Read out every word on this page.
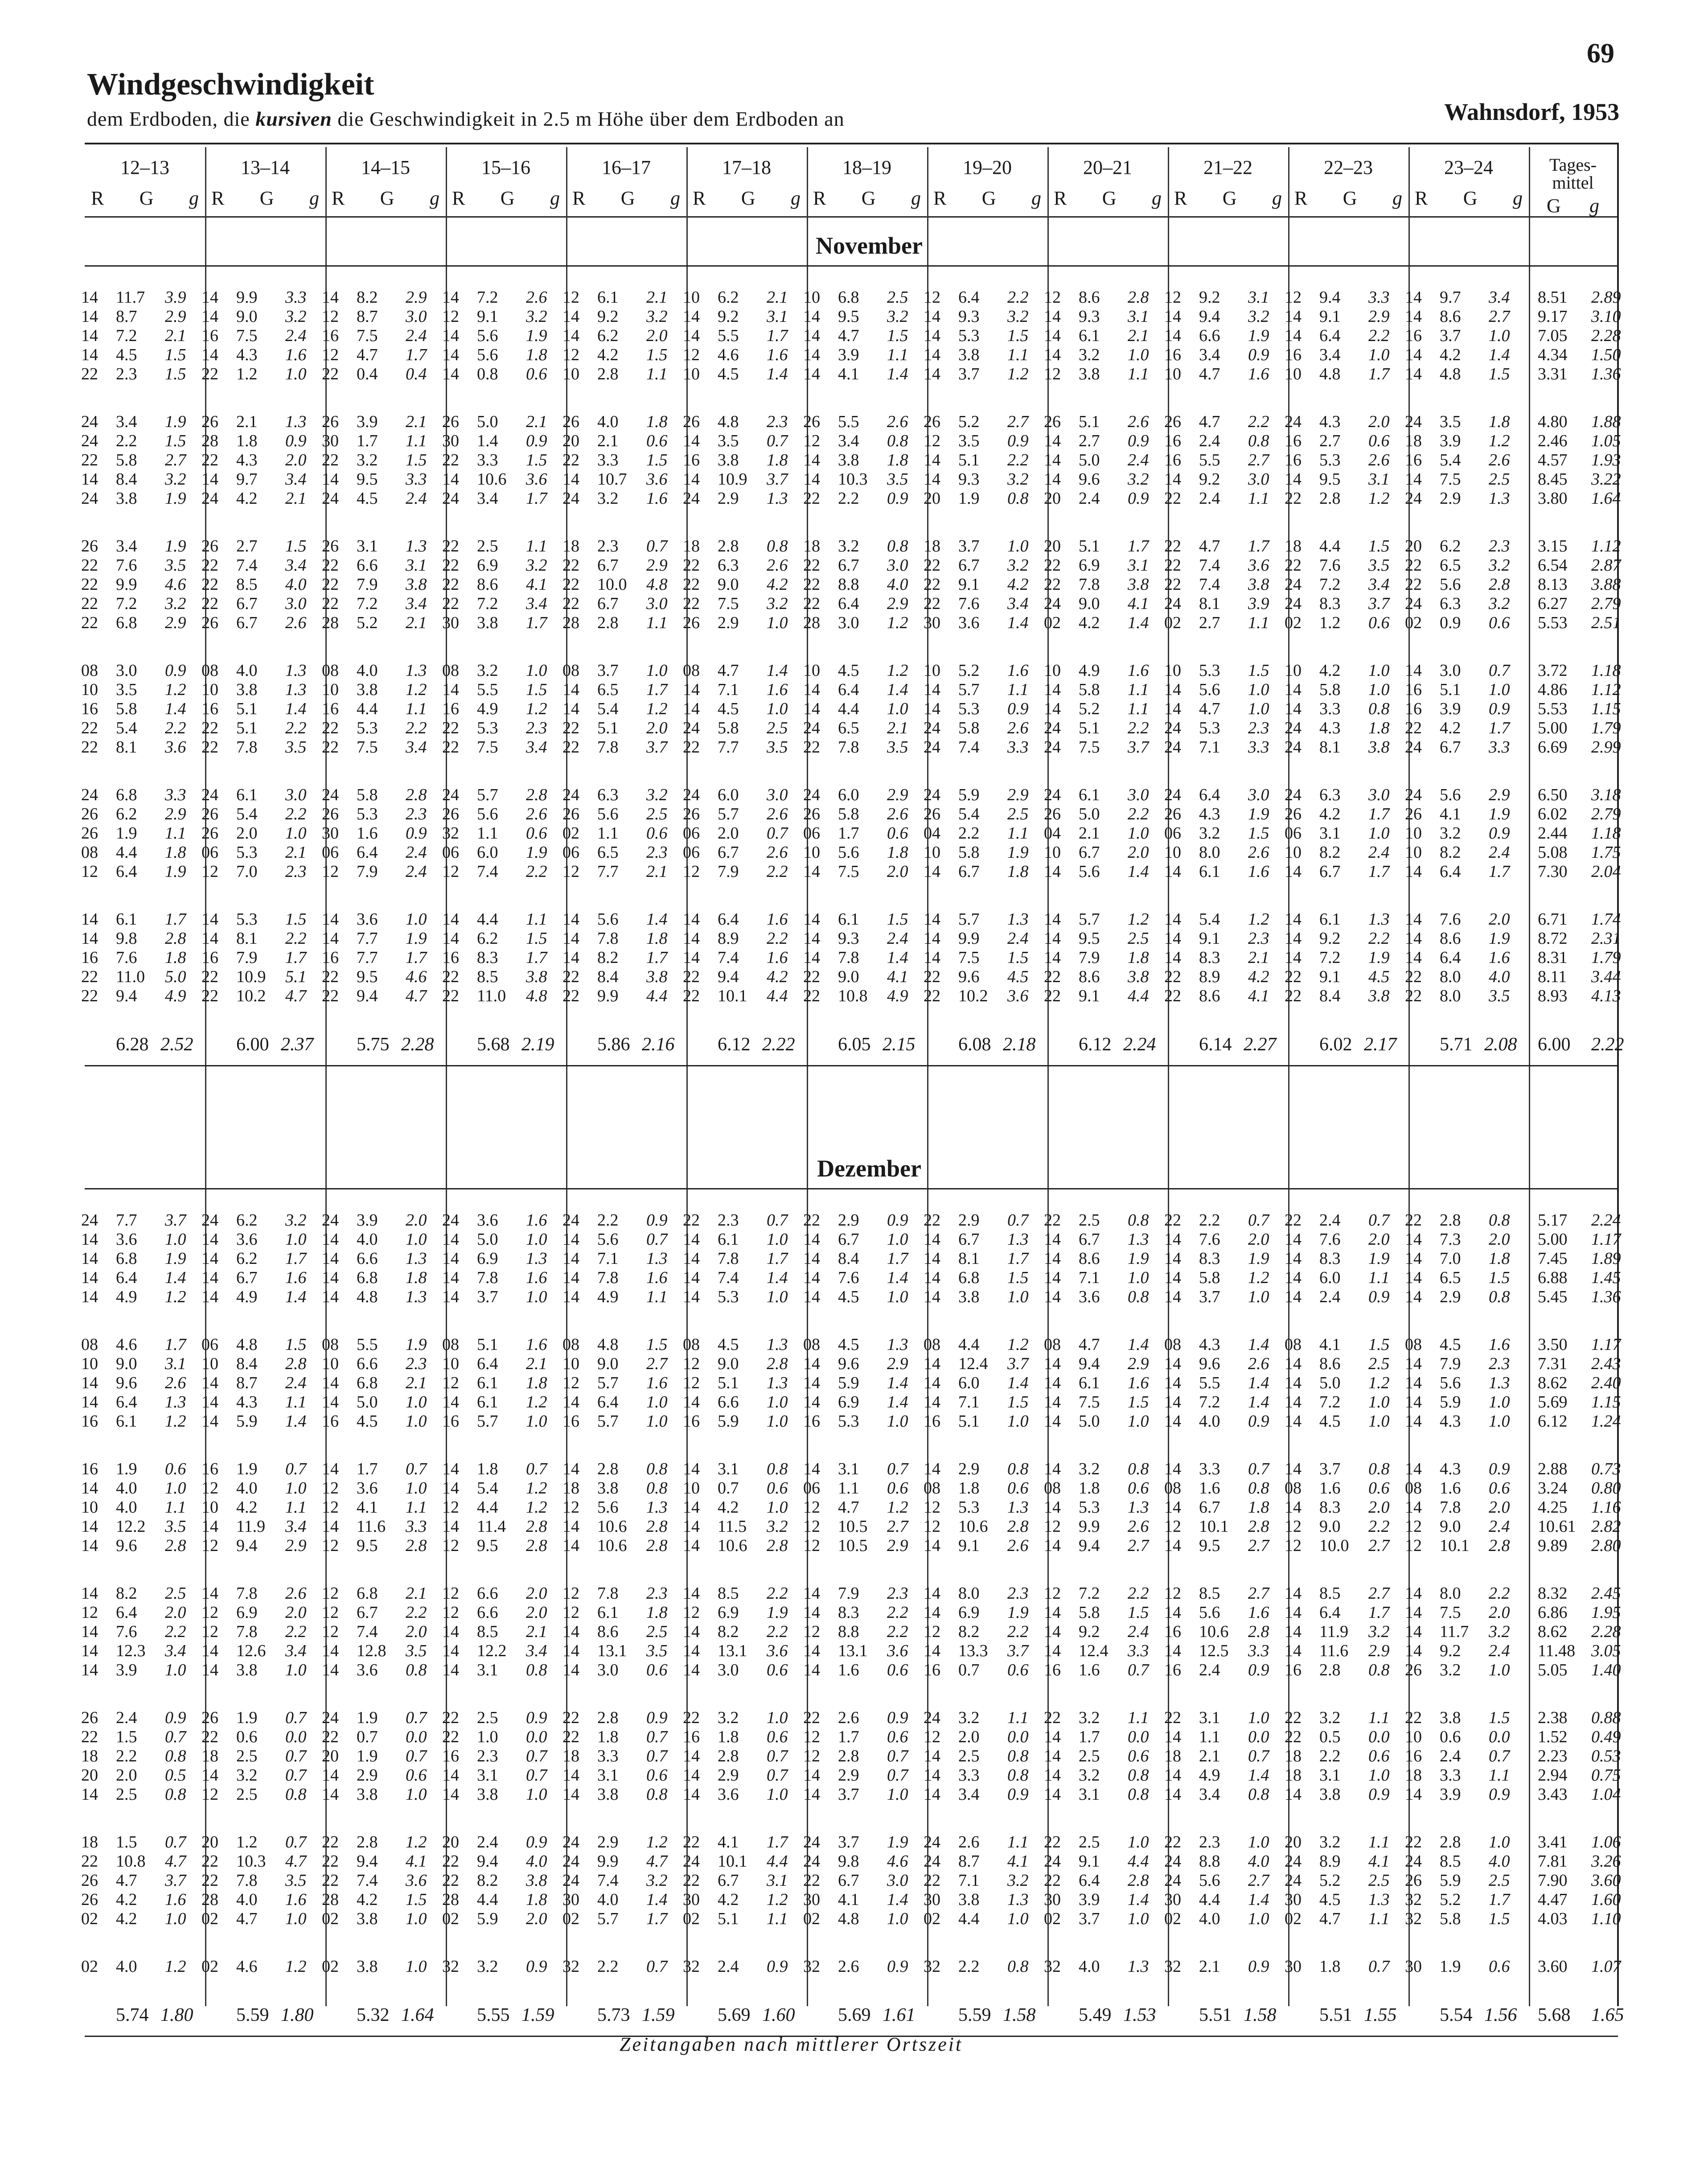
69
Windgeschwindigkeit
dem Erdboden, die kursiven die Geschwindigkeit in 2.5 m Höhe über dem Erdboden an	Wahnsdorf, 1953
12–13
R G g
13–14
R G g
14–15
R G g
15–16
R G g
16–17
R G g
17–18
R G g
18–19
R G g
19–20
R G g
20–21
R G g
21–22
R G g
22–23
R G g
23–24
R G g
Tages-mittel
G g
November
14 11.7 3.9 14 9.9 3.3 14 8.2 2.9 14 7.2 2.6 12 6.1 2.1 10 6.2 2.1 10 6.8 2.5 12 6.4 2.2 12 8.6 2.8 12 9.2 3.1 12 9.4 3.3 14 9.7 3.4 8.51 2.89
14 8.7 2.9 14 9.0 3.2 12 8.7 3.0 12 9.1 3.2 14 9.2 3.2 14 9.2 3.1 14 9.5 3.2 14 9.3 3.2 14 9.3 3.1 14 9.4 3.2 14 9.1 2.9 14 8.6 2.7 9.17 3.10
14 7.2 2.1 16 7.5 2.4 16 7.5 2.4 14 5.6 1.9 14 6.2 2.0 14 5.5 1.7 14 4.7 1.5 14 5.3 1.5 14 6.1 2.1 14 6.6 1.9 14 6.4 2.2 16 3.7 1.0 7.05 2.28
14 4.5 1.5 14 4.3 1.6 12 4.7 1.7 14 5.6 1.8 12 4.2 1.5 12 4.6 1.6 14 3.9 1.1 14 3.8 1.1 14 3.2 1.0 16 3.4 0.9 16 3.4 1.0 14 4.2 1.4 4.34 1.50
22 2.3 1.5 22 1.2 1.0 22 0.4 0.4 14 0.8 0.6 10 2.8 1.1 10 4.5 1.4 14 4.1 1.4 14 3.7 1.2 12 3.8 1.1 10 4.7 1.6 10 4.8 1.7 14 4.8 1.5 3.31 1.36
24 3.4 1.9 26 2.1 1.3 26 3.9 2.1 26 5.0 2.1 26 4.0 1.8 26 4.8 2.3 26 5.5 2.6 26 5.2 2.7 26 5.1 2.6 26 4.7 2.2 24 4.3 2.0 24 3.5 1.8 4.80 1.88
24 2.2 1.5 28 1.8 0.9 30 1.7 1.1 30 1.4 0.9 20 2.1 0.6 14 3.5 0.7 12 3.4 0.8 12 3.5 0.9 14 2.7 0.9 16 2.4 0.8 16 2.7 0.6 18 3.9 1.2 2.46 1.05
22 5.8 2.7 22 4.3 2.0 22 3.2 1.5 22 3.3 1.5 22 3.3 1.5 16 3.8 1.8 14 3.8 1.8 14 5.1 2.2 14 5.0 2.4 16 5.5 2.7 16 5.3 2.6 16 5.4 2.6 4.57 1.93
14 8.4 3.2 14 9.7 3.4 14 9.5 3.3 14 10.6 3.6 14 10.7 3.6 14 10.9 3.7 14 10.3 3.5 14 9.3 3.2 14 9.6 3.2 14 9.2 3.0 14 9.5 3.1 14 7.5 2.5 8.45 3.22
24 3.8 1.9 24 4.2 2.1 24 4.5 2.4 24 3.4 1.7 24 3.2 1.6 24 2.9 1.3 22 2.2 0.9 20 1.9 0.8 20 2.4 0.9 22 2.4 1.1 22 2.8 1.2 24 2.9 1.3 3.80 1.64
26 3.4 1.9 26 2.7 1.5 26 3.1 1.3 22 2.5 1.1 18 2.3 0.7 18 2.8 0.8 18 3.2 0.8 18 3.7 1.0 20 5.1 1.7 22 4.7 1.7 18 4.4 1.5 20 6.2 2.3 3.15 1.12
22 7.6 3.5 22 7.4 3.4 22 6.6 3.1 22 6.9 3.2 22 6.7 2.9 22 6.3 2.6 22 6.7 3.0 22 6.7 3.2 22 6.9 3.1 22 7.4 3.6 22 7.6 3.5 22 6.5 3.2 6.54 2.87
22 9.9 4.6 22 8.5 4.0 22 7.9 3.8 22 8.6 4.1 22 10.0 4.8 22 9.0 4.2 22 8.8 4.0 22 9.1 4.2 22 7.8 3.8 22 7.4 3.8 24 7.2 3.4 22 5.6 2.8 8.13 3.88
22 7.2 3.2 22 6.7 3.0 22 7.2 3.4 22 7.2 3.4 22 6.7 3.0 22 7.5 3.2 22 6.4 2.9 22 7.6 3.4 24 9.0 4.1 24 8.1 3.9 24 8.3 3.7 24 6.3 3.2 6.27 2.79
22 6.8 2.9 26 6.7 2.6 28 5.2 2.1 30 3.8 1.7 28 2.8 1.1 26 2.9 1.0 28 3.0 1.2 30 3.6 1.4 02 4.2 1.4 02 2.7 1.1 02 1.2 0.6 02 0.9 0.6 5.53 2.51
08 3.0 0.9 08 4.0 1.3 08 4.0 1.3 08 3.2 1.0 08 3.7 1.0 08 4.7 1.4 10 4.5 1.2 10 5.2 1.6 10 4.9 1.6 10 5.3 1.5 10 4.2 1.0 14 3.0 0.7 3.72 1.18
10 3.5 1.2 10 3.8 1.3 10 3.8 1.2 14 5.5 1.5 14 6.5 1.7 14 7.1 1.6 14 6.4 1.4 14 5.7 1.1 14 5.8 1.1 14 5.6 1.0 14 5.8 1.0 16 5.1 1.0 4.86 1.12
16 5.8 1.4 16 5.1 1.4 16 4.4 1.1 16 4.9 1.2 14 5.4 1.2 14 4.5 1.0 14 4.4 1.0 14 5.3 0.9 14 5.2 1.1 14 4.7 1.0 14 3.3 0.8 16 3.9 0.9 5.53 1.15
22 5.4 2.2 22 5.1 2.2 22 5.3 2.2 22 5.3 2.3 22 5.1 2.0 24 5.8 2.5 24 6.5 2.1 24 5.8 2.6 24 5.1 2.2 24 5.3 2.3 24 4.3 1.8 22 4.2 1.7 5.00 1.79
22 8.1 3.6 22 7.8 3.5 22 7.5 3.4 22 7.5 3.4 22 7.8 3.7 22 7.7 3.5 22 7.8 3.5 24 7.4 3.3 24 7.5 3.7 24 7.1 3.3 24 8.1 3.8 24 6.7 3.3 6.69 2.99
24 6.8 3.3 24 6.1 3.0 24 5.8 2.8 24 5.7 2.8 24 6.3 3.2 24 6.0 3.0 24 6.0 2.9 24 5.9 2.9 24 6.1 3.0 24 6.4 3.0 24 6.3 3.0 24 5.6 2.9 6.50 3.18
26 6.2 2.9 26 5.4 2.2 26 5.3 2.3 26 5.6 2.6 26 5.6 2.5 26 5.7 2.6 26 5.8 2.6 26 5.4 2.5 26 5.0 2.2 26 4.3 1.9 26 4.2 1.7 26 4.1 1.9 6.02 2.79
26 1.9 1.1 26 2.0 1.0 30 1.6 0.9 32 1.1 0.6 02 1.1 0.6 06 2.0 0.7 06 1.7 0.6 04 2.2 1.1 04 2.1 1.0 06 3.2 1.5 06 3.1 1.0 10 3.2 0.9 2.44 1.18
08 4.4 1.8 06 5.3 2.1 06 6.4 2.4 06 6.0 1.9 06 6.5 2.3 06 6.7 2.6 10 5.6 1.8 10 5.8 1.9 10 6.7 2.0 10 8.0 2.6 10 8.2 2.4 10 8.2 2.4 5.08 1.75
12 6.4 1.9 12 7.0 2.3 12 7.9 2.4 12 7.4 2.2 12 7.7 2.1 12 7.9 2.2 14 7.5 2.0 14 6.7 1.8 14 5.6 1.4 14 6.1 1.6 14 6.7 1.7 14 6.4 1.7 7.30 2.04
14 6.1 1.7 14 5.3 1.5 14 3.6 1.0 14 4.4 1.1 14 5.6 1.4 14 6.4 1.6 14 6.1 1.5 14 5.7 1.3 14 5.7 1.2 14 5.4 1.2 14 6.1 1.3 14 7.6 2.0 6.71 1.74
14 9.8 2.8 14 8.1 2.2 14 7.7 1.9 14 6.2 1.5 14 7.8 1.8 14 8.9 2.2 14 9.3 2.4 14 9.9 2.4 14 9.5 2.5 14 9.1 2.3 14 9.2 2.2 14 8.6 1.9 8.72 2.31
16 7.6 1.8 16 7.9 1.7 16 7.7 1.7 16 8.3 1.7 14 8.2 1.7 14 7.4 1.6 14 7.8 1.4 14 7.5 1.5 14 7.9 1.8 14 8.3 2.1 14 7.2 1.9 14 6.4 1.6 8.31 1.79
22 11.0 5.0 22 10.9 5.1 22 9.5 4.6 22 8.5 3.8 22 8.4 3.8 22 9.4 4.2 22 9.0 4.1 22 9.6 4.5 22 8.6 3.8 22 8.9 4.2 22 9.1 4.5 22 8.0 4.0 8.11 3.44
22 9.4 4.9 22 10.2 4.7 22 9.4 4.7 22 11.0 4.8 22 9.9 4.4 22 10.1 4.4 22 10.8 4.9 22 10.2 3.6 22 9.1 4.4 22 8.6 4.1 22 8.4 3.8 22 8.0 3.5 8.93 4.13
6.28 2.52 6.00 2.37 5.75 2.28 5.68 2.19 5.86 2.16 6.12 2.22 6.05 2.15 6.08 2.18 6.12 2.24 6.14 2.27 6.02 2.17 5.71 2.08 6.00 2.22
Dezember
24 7.7 3.7 24 6.2 3.2 24 3.9 2.0 24 3.6 1.6 24 2.2 0.9 22 2.3 0.7 22 2.9 0.9 22 2.9 0.7 22 2.5 0.8 22 2.2 0.7 22 2.4 0.7 22 2.8 0.8 5.17 2.24
14 3.6 1.0 14 3.6 1.0 14 4.0 1.0 14 5.0 1.0 14 5.6 0.7 14 6.1 1.0 14 6.7 1.0 14 6.7 1.3 14 6.7 1.3 14 7.6 2.0 14 7.6 2.0 14 7.3 2.0 5.00 1.17
14 6.8 1.9 14 6.2 1.7 14 6.6 1.3 14 6.9 1.3 14 7.1 1.3 14 7.8 1.7 14 8.4 1.7 14 8.1 1.7 14 8.6 1.9 14 8.3 1.9 14 8.3 1.9 14 7.0 1.8 7.45 1.89
14 6.4 1.4 14 6.7 1.6 14 6.8 1.8 14 7.8 1.6 14 7.8 1.6 14 7.4 1.4 14 7.6 1.4 14 6.8 1.5 14 7.1 1.0 14 5.8 1.2 14 6.0 1.1 14 6.5 1.5 6.88 1.45
14 4.9 1.2 14 4.9 1.4 14 4.8 1.3 14 3.7 1.0 14 4.9 1.1 14 5.3 1.0 14 4.5 1.0 14 3.8 1.0 14 3.6 0.8 14 3.7 1.0 14 2.4 0.9 14 2.9 0.8 5.45 1.36
08 4.6 1.7 06 4.8 1.5 08 5.5 1.9 08 5.1 1.6 08 4.8 1.5 08 4.5 1.3 08 4.5 1.3 08 4.4 1.2 08 4.7 1.4 08 4.3 1.4 08 4.1 1.5 08 4.5 1.6 3.50 1.17
10 9.0 3.1 10 8.4 2.8 10 6.6 2.3 10 6.4 2.1 10 9.0 2.7 12 9.0 2.8 14 9.6 2.9 14 12.4 3.7 14 9.4 2.9 14 9.6 2.6 14 8.6 2.5 14 7.9 2.3 7.31 2.43
14 9.6 2.6 14 8.7 2.4 14 6.8 2.1 12 6.1 1.8 12 5.7 1.6 12 5.1 1.3 14 5.9 1.4 14 6.0 1.4 14 6.1 1.6 14 5.5 1.4 14 5.0 1.2 14 5.6 1.3 8.62 2.40
14 6.4 1.3 14 4.3 1.1 14 5.0 1.0 14 6.1 1.2 14 6.4 1.0 14 6.6 1.0 14 6.9 1.4 14 7.1 1.5 14 7.5 1.5 14 7.2 1.4 14 7.2 1.0 14 5.9 1.0 5.69 1.15
16 6.1 1.2 14 5.9 1.4 16 4.5 1.0 16 5.7 1.0 16 5.7 1.0 16 5.9 1.0 16 5.3 1.0 16 5.1 1.0 14 5.0 1.0 14 4.0 0.9 14 4.5 1.0 14 4.3 1.0 6.12 1.24
16 1.9 0.6 16 1.9 0.7 14 1.7 0.7 14 1.8 0.7 14 2.8 0.8 14 3.1 0.8 14 3.1 0.7 14 2.9 0.8 14 3.2 0.8 14 3.3 0.7 14 3.7 0.8 14 4.3 0.9 2.88 0.73
14 4.0 1.0 12 4.0 1.0 12 3.6 1.0 14 5.4 1.2 18 3.8 0.8 10 0.7 0.6 06 1.1 0.6 08 1.8 0.6 08 1.8 0.6 08 1.6 0.8 08 1.6 0.6 08 1.6 0.6 3.24 0.80
10 4.0 1.1 10 4.2 1.1 12 4.1 1.1 12 4.4 1.2 12 5.6 1.3 14 4.2 1.0 12 4.7 1.2 12 5.3 1.3 14 5.3 1.3 14 6.7 1.8 14 8.3 2.0 14 7.8 2.0 4.25 1.16
14 12.2 3.5 14 11.9 3.4 14 11.6 3.3 14 11.4 2.8 14 10.6 2.8 14 11.5 3.2 12 10.5 2.7 12 10.6 2.8 12 9.9 2.6 12 10.1 2.8 12 9.0 2.2 12 9.0 2.4 10.61 2.82
14 9.6 2.8 12 9.4 2.9 12 9.5 2.8 12 9.5 2.8 14 10.6 2.8 14 10.6 2.8 12 10.5 2.9 14 9.1 2.6 14 9.4 2.7 14 9.5 2.7 12 10.0 2.7 12 10.1 2.8 9.89 2.80
14 8.2 2.5 14 7.8 2.6 12 6.8 2.1 12 6.6 2.0 12 7.8 2.3 14 8.5 2.2 14 7.9 2.3 14 8.0 2.3 12 7.2 2.2 12 8.5 2.7 14 8.5 2.7 14 8.0 2.2 8.32 2.45
12 6.4 2.0 12 6.9 2.0 12 6.7 2.2 12 6.6 2.0 12 6.1 1.8 12 6.9 1.9 14 8.3 2.2 14 6.9 1.9 14 5.8 1.5 14 5.6 1.6 14 6.4 1.7 14 7.5 2.0 6.86 1.95
14 7.6 2.2 12 7.8 2.2 12 7.4 2.0 14 8.5 2.1 14 8.6 2.5 14 8.2 2.2 12 8.8 2.2 12 8.2 2.2 14 9.2 2.4 16 10.6 2.8 14 11.9 3.2 14 11.7 3.2 8.62 2.28
14 12.3 3.4 14 12.6 3.4 14 12.8 3.5 14 12.2 3.4 14 13.1 3.5 14 13.1 3.6 14 13.1 3.6 14 13.3 3.7 14 12.4 3.3 14 12.5 3.3 14 11.6 2.9 14 9.2 2.4 11.48 3.05
14 3.9 1.0 14 3.8 1.0 14 3.6 0.8 14 3.1 0.8 14 3.0 0.6 14 3.0 0.6 14 1.6 0.6 16 0.7 0.6 16 1.6 0.7 16 2.4 0.9 16 2.8 0.8 26 3.2 1.0 5.05 1.40
26 2.4 0.9 26 1.9 0.7 24 1.9 0.7 22 2.5 0.9 22 2.8 0.9 22 3.2 1.0 22 2.6 0.9 24 3.2 1.1 22 3.2 1.1 22 3.1 1.0 22 3.2 1.1 22 3.8 1.5 2.38 0.88
22 1.5 0.7 22 0.6 0.0 22 0.7 0.0 22 1.0 0.0 22 1.8 0.7 16 1.8 0.6 12 1.7 0.6 12 2.0 0.0 14 1.7 0.0 14 1.1 0.0 22 0.5 0.0 10 0.6 0.0 1.52 0.49
18 2.2 0.8 18 2.5 0.7 20 1.9 0.7 16 2.3 0.7 18 3.3 0.7 14 2.8 0.7 12 2.8 0.7 14 2.5 0.8 14 2.5 0.6 18 2.1 0.7 18 2.2 0.6 16 2.4 0.7 2.23 0.53
20 2.0 0.5 14 3.2 0.7 14 2.9 0.6 14 3.1 0.7 14 3.1 0.6 14 2.9 0.7 14 2.9 0.7 14 3.3 0.8 14 3.2 0.8 14 4.9 1.4 18 3.1 1.0 18 3.3 1.1 2.94 0.75
14 2.5 0.8 12 2.5 0.8 14 3.8 1.0 14 3.8 1.0 14 3.8 0.8 14 3.6 1.0 14 3.7 1.0 14 3.4 0.9 14 3.1 0.8 14 3.4 0.8 14 3.8 0.9 14 3.9 0.9 3.43 1.04
18 1.5 0.7 20 1.2 0.7 22 2.8 1.2 20 2.4 0.9 24 2.9 1.2 22 4.1 1.7 24 3.7 1.9 24 2.6 1.1 22 2.5 1.0 22 2.3 1.0 20 3.2 1.1 22 2.8 1.0 3.41 1.06
22 10.8 4.7 22 10.3 4.7 22 9.4 4.1 22 9.4 4.0 24 9.9 4.7 24 10.1 4.4 24 9.8 4.6 24 8.7 4.1 24 9.1 4.4 24 8.8 4.0 24 8.9 4.1 24 8.5 4.0 7.81 3.26
26 4.7 3.7 22 7.8 3.5 22 7.4 3.6 22 8.2 3.8 24 7.4 3.2 22 6.7 3.1 22 6.7 3.0 22 7.1 3.2 22 6.4 2.8 24 5.6 2.7 24 5.2 2.5 26 5.9 2.5 7.90 3.60
26 4.2 1.6 28 4.0 1.6 28 4.2 1.5 28 4.4 1.8 30 4.0 1.4 30 4.2 1.2 30 4.1 1.4 30 3.8 1.3 30 3.9 1.4 30 4.4 1.4 30 4.5 1.3 32 5.2 1.7 4.47 1.60
02 4.2 1.0 02 4.7 1.0 02 3.8 1.0 02 5.9 2.0 02 5.7 1.7 02 5.1 1.1 02 4.8 1.0 02 4.4 1.0 02 3.7 1.0 02 4.0 1.0 02 4.7 1.1 32 5.8 1.5 4.03 1.10
02 4.0 1.2 02 4.6 1.2 02 3.8 1.0 32 3.2 0.9 32 2.2 0.7 32 2.4 0.9 32 2.6 0.9 32 2.2 0.8 32 4.0 1.3 32 2.1 0.9 30 1.8 0.7 30 1.9 0.6 3.60 1.07
5.74 1.80 5.59 1.80 5.32 1.64 5.55 1.59 5.73 1.59 5.69 1.60 5.69 1.61 5.59 1.58 5.49 1.53 5.51 1.58 5.51 1.55 5.54 1.56 5.68 1.65
Zeitangaben nach mittlerer Ortszeit
